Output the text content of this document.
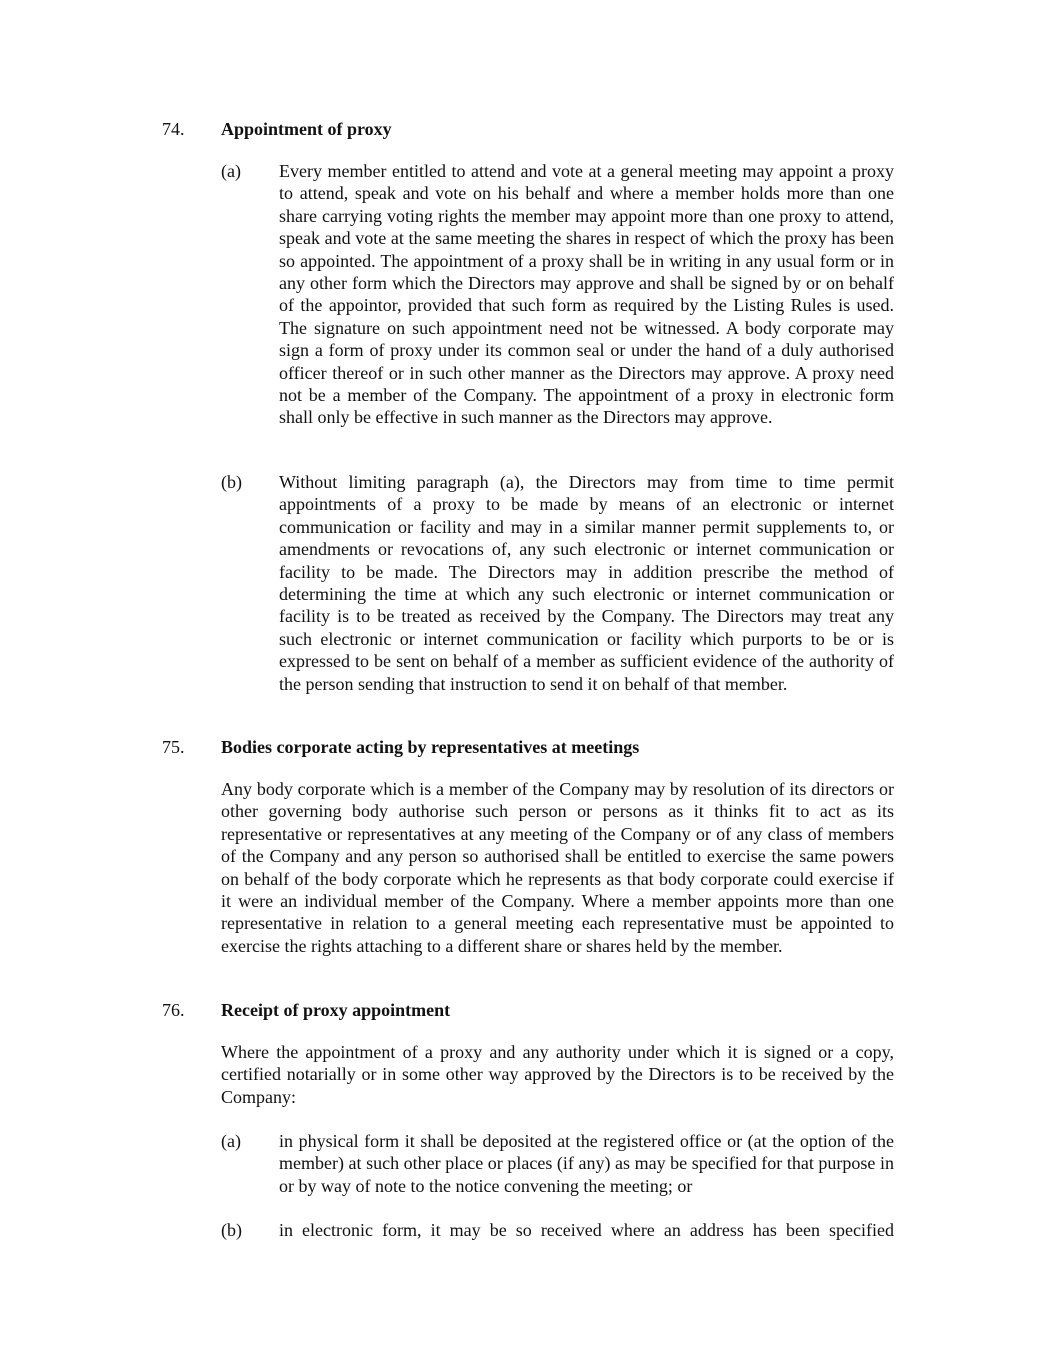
74. Appointment of proxy
(a) Every member entitled to attend and vote at a general meeting may appoint a proxy to attend, speak and vote on his behalf and where a member holds more than one share carrying voting rights the member may appoint more than one proxy to attend, speak and vote at the same meeting the shares in respect of which the proxy has been so appointed. The appointment of a proxy shall be in writing in any usual form or in any other form which the Directors may approve and shall be signed by or on behalf of the appointor, provided that such form as required by the Listing Rules is used. The signature on such appointment need not be witnessed. A body corporate may sign a form of proxy under its common seal or under the hand of a duly authorised officer thereof or in such other manner as the Directors may approve. A proxy need not be a member of the Company. The appointment of a proxy in electronic form shall only be effective in such manner as the Directors may approve.
(b) Without limiting paragraph (a), the Directors may from time to time permit appointments of a proxy to be made by means of an electronic or internet communication or facility and may in a similar manner permit supplements to, or amendments or revocations of, any such electronic or internet communication or facility to be made. The Directors may in addition prescribe the method of determining the time at which any such electronic or internet communication or facility is to be treated as received by the Company. The Directors may treat any such electronic or internet communication or facility which purports to be or is expressed to be sent on behalf of a member as sufficient evidence of the authority of the person sending that instruction to send it on behalf of that member.
75. Bodies corporate acting by representatives at meetings
Any body corporate which is a member of the Company may by resolution of its directors or other governing body authorise such person or persons as it thinks fit to act as its representative or representatives at any meeting of the Company or of any class of members of the Company and any person so authorised shall be entitled to exercise the same powers on behalf of the body corporate which he represents as that body corporate could exercise if it were an individual member of the Company. Where a member appoints more than one representative in relation to a general meeting each representative must be appointed to exercise the rights attaching to a different share or shares held by the member.
76. Receipt of proxy appointment
Where the appointment of a proxy and any authority under which it is signed or a copy, certified notarially or in some other way approved by the Directors is to be received by the Company:
(a) in physical form it shall be deposited at the registered office or (at the option of the member) at such other place or places (if any) as may be specified for that purpose in or by way of note to the notice convening the meeting; or
(b) in electronic form, it may be so received where an address has been specified
